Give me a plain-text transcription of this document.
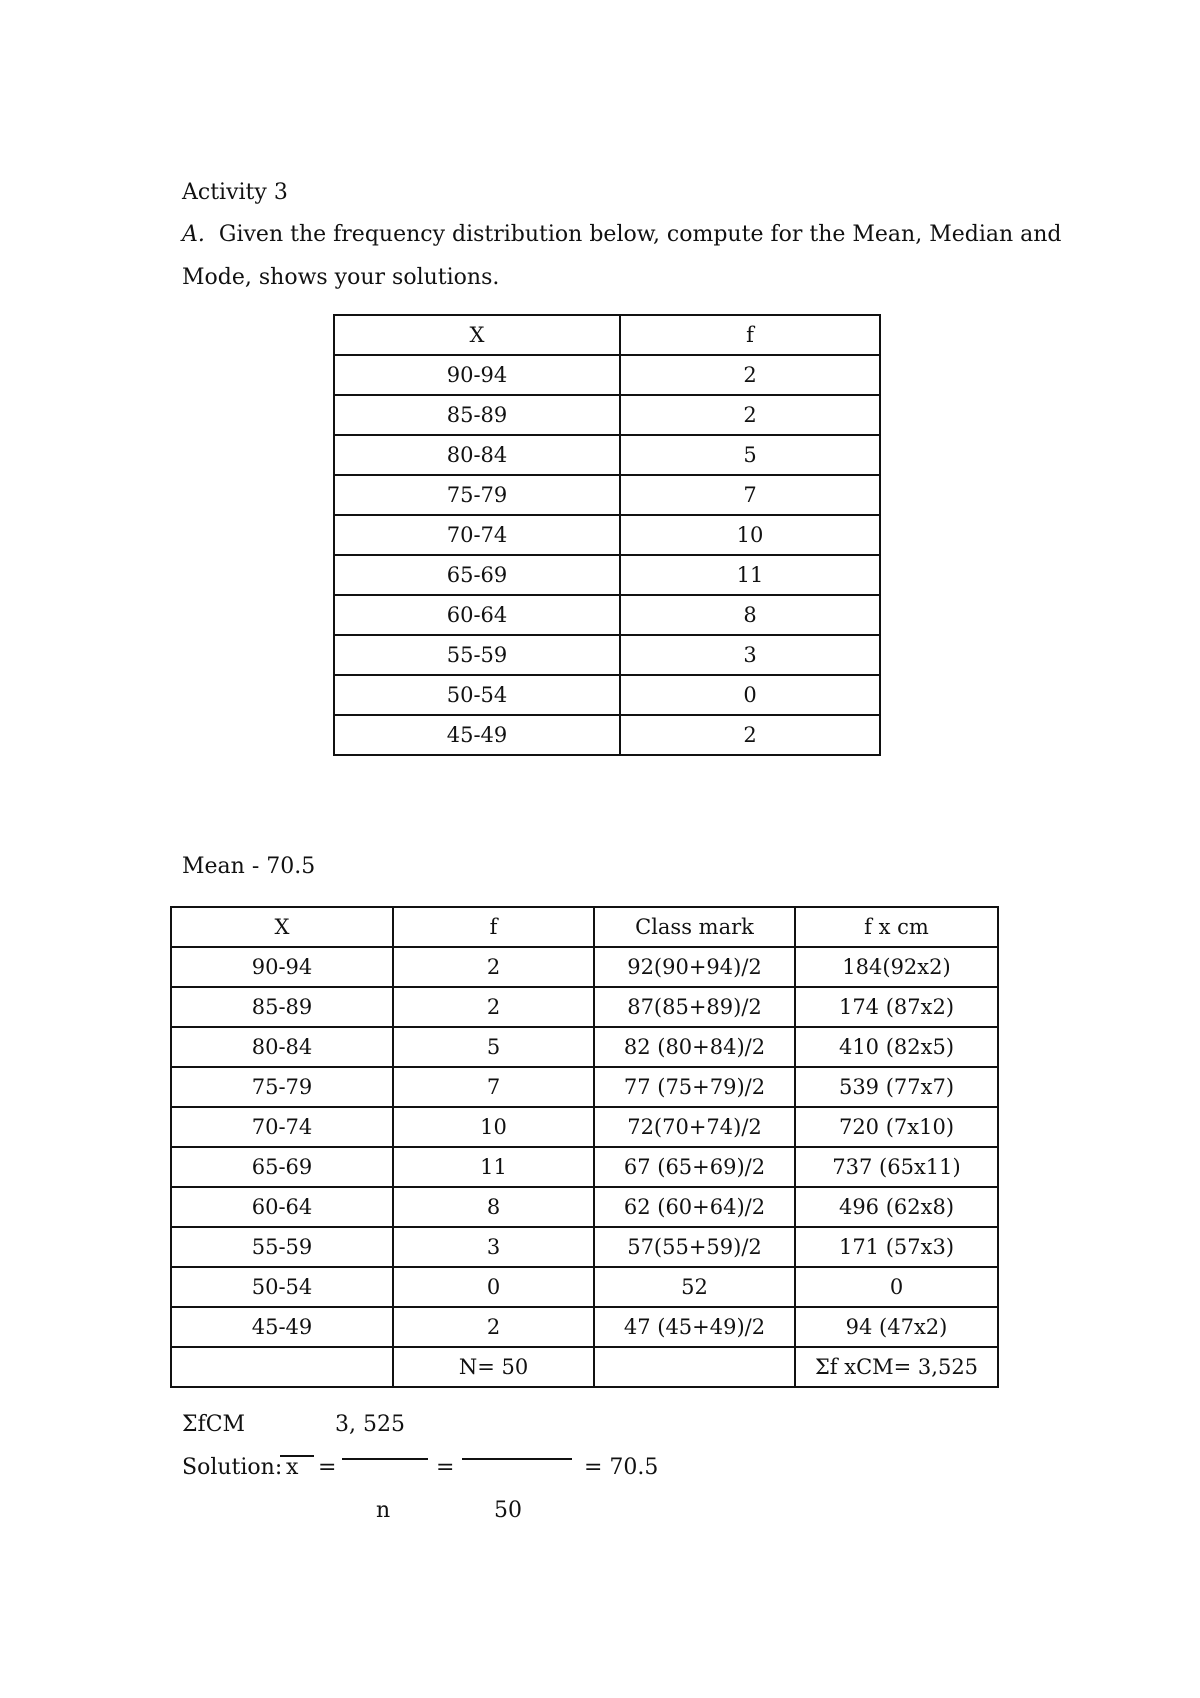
Activity 3
A. Given the frequency distribution below, compute for the Mean, Median and
Mode, shows your solutions.
X	f
90-94	2
85-89	2
80-84	5
75-79	7
70-74	10
65-69	11
60-64	8
55-59	3
50-54	0
45-49	2
Mean - 70.5
X	f	Class mark	f x cm
90-94	2	92(90+94)/2	184(92x2)
85-89	2	87(85+89)/2	174 (87x2)
80-84	5	82 (80+84)/2	410 (82x5)
75-79	7	77 (75+79)/2	539 (77x7)
70-74	10	72(70+74)/2	720 (7x10)
65-69	11	67 (65+69)/2	737 (65x11)
60-64	8	62 (60+64)/2	496 (62x8)
55-59	3	57(55+59)/2	171 (57x3)
50-54	0	52	0
45-49	2	47 (45+49)/2	94 (47x2)
	N= 50		Σf xCM= 3,525
ΣfCM	3, 525
Solution: x =	=	= 70.5
n	50
